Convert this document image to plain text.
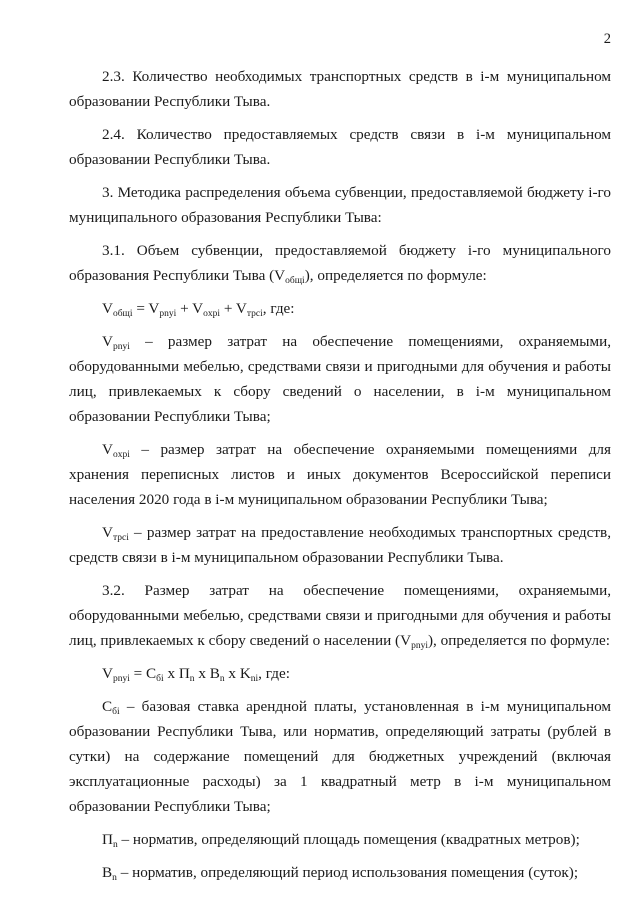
2

2.3. Количество необходимых транспортных средств в i-м муниципальном образовании Республики Тыва.

2.4. Количество предоставляемых средств связи в i-м муниципальном образовании Республики Тыва.

3. Методика распределения объема субвенции, предоставляемой бюджету i-го муниципального образования Республики Тыва:

3.1. Объем субвенции, предоставляемой бюджету i-го муниципального образования Республики Тыва $(V_{общi})$, определяется по формуле:

$V_{общi} = V_{pnyi} + V_{oxpi} + V_{трсi}$, где:

$V_{pnyi}$ – размер затрат на обеспечение помещениями, охраняемыми, оборудованными мебелью, средствами связи и пригодными для обучения и работы лиц, привлекаемых к сбору сведений о населении, в i-м муниципальном образовании Республики Тыва;

$V_{oxpi}$ – размер затрат на обеспечение охраняемыми помещениями для хранения переписных листов и иных документов Всероссийской переписи населения 2020 года в i-м муниципальном образовании Республики Тыва;

$V_{трсi}$ – размер затрат на предоставление необходимых транспортных средств, средств связи в i-м муниципальном образовании Республики Тыва.

3.2. Размер затрат на обеспечение помещениями, охраняемыми, оборудованными мебелью, средствами связи и пригодными для обучения и работы лиц, привлекаемых к сбору сведений о населении $(V_{pnyi})$, определяется по формуле:

$V_{pnyi} = C_{бi}$ x $П_n$ x $B_n$ x $K_{ni}$, где:

$C_{бi}$ – базовая ставка арендной платы, установленная в i-м муниципальном образовании Республики Тыва, или норматив, определяющий затраты (рублей в сутки) на содержание помещений для бюджетных учреждений (включая эксплуатационные расходы) за 1 квадратный метр в i-м муниципальном образовании Республики Тыва;

$П_n$ – норматив, определяющий площадь помещения (квадратных метров);

$B_n$ – норматив, определяющий период использования помещения (суток);
